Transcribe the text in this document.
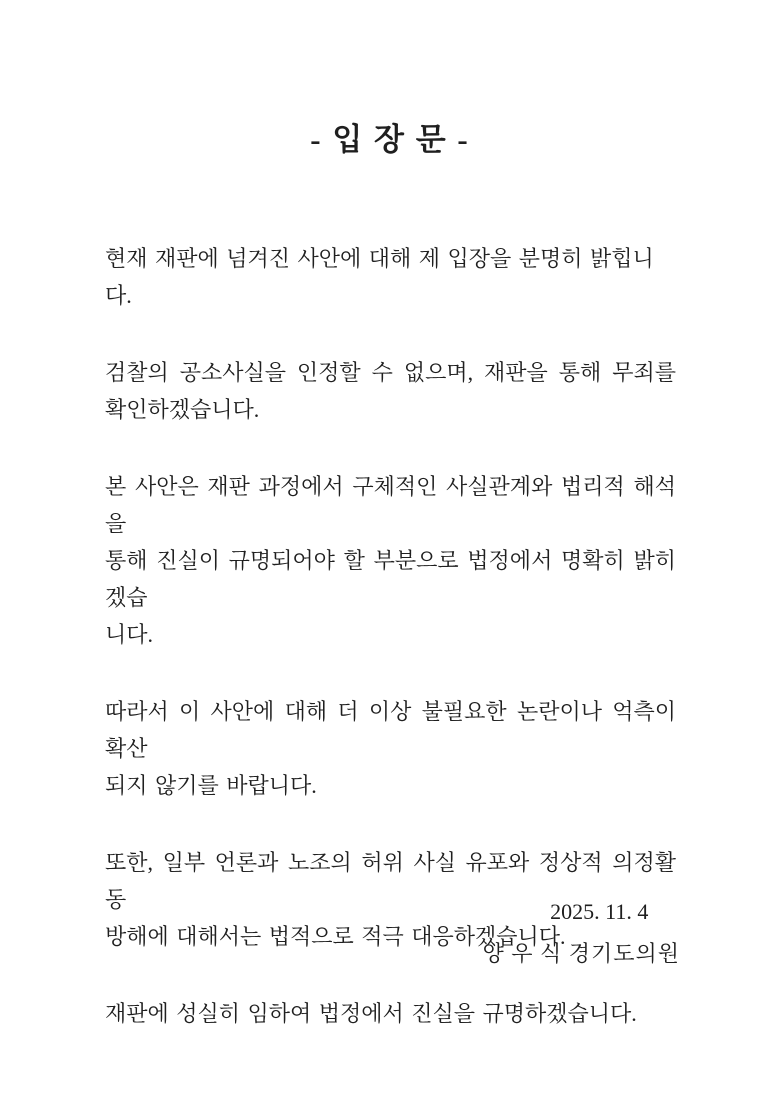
- 입 장 문 -
현재 재판에 넘겨진 사안에 대해 제 입장을 분명히 밝힙니다.
검찰의 공소사실을 인정할 수 없으며, 재판을 통해 무죄를
확인하겠습니다.
본 사안은 재판 과정에서 구체적인 사실관계와 법리적 해석을
통해 진실이 규명되어야 할 부분으로 법정에서 명확히 밝히겠습
니다.
따라서 이 사안에 대해 더 이상 불필요한 논란이나 억측이 확산
되지 않기를 바랍니다.
또한, 일부 언론과 노조의 허위 사실 유포와 정상적 의정활동
방해에 대해서는 법적으로 적극 대응하겠습니다.
재판에 성실히 임하여 법정에서 진실을 규명하겠습니다.
2025. 11. 4
양 우 식 경기도의원
